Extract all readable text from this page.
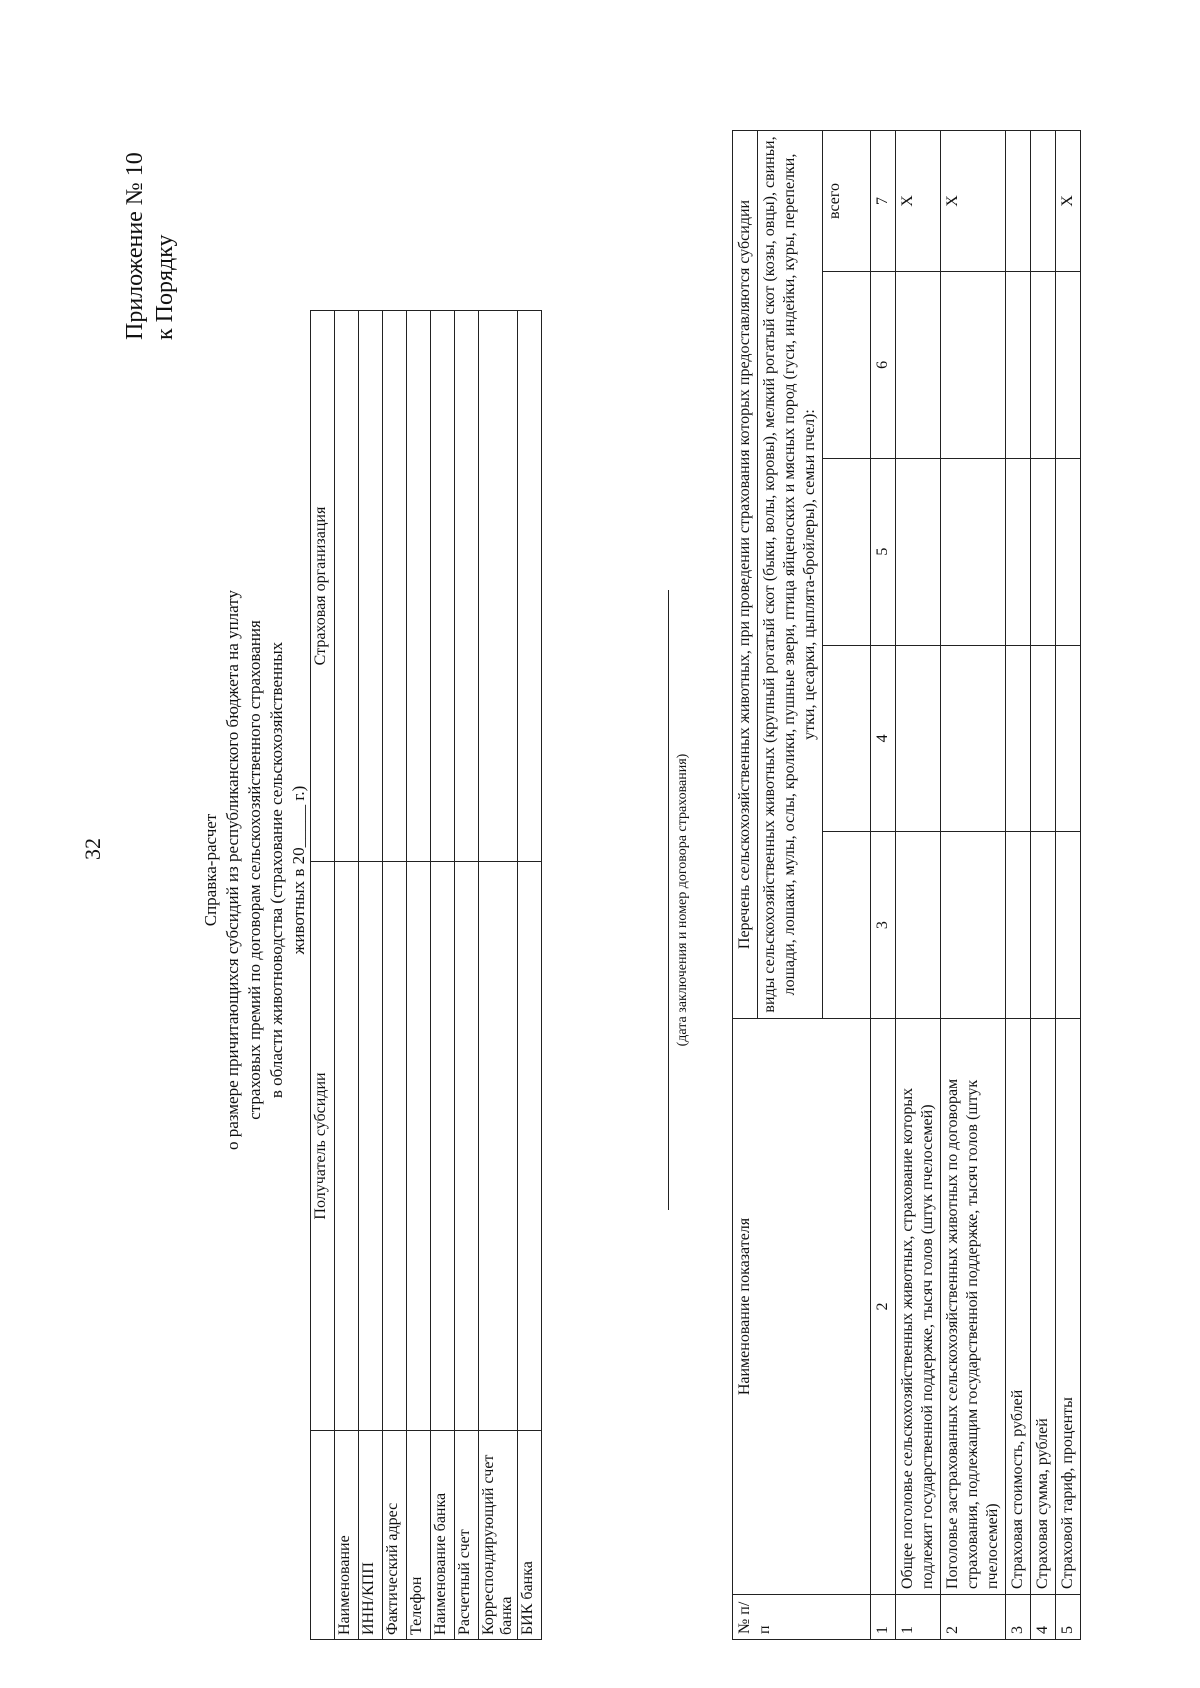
32
Приложение № 10 к Порядку
Справка-расчет о размере причитающихся субсидий из республиканского бюджета на уплату страховых премий по договорам сельскохозяйственного страхования в области животноводства (страхование сельскохозяйственных животных в 20_____ г.)
	Получатель субсидии	Страховая организация
Наименование		
ИНН/КПП		
Фактический адрес		
Телефон		
Наименование банка		
Расчетный счет		
Корреспондирующий счет банка		
БИК банка		
(дата заключения и номер договора страхования)
№ п/п	Наименование показателя	Перечень сельскохозяйственных животных, при проведении страхования которых предоставляются субсидии				
		виды сельскохозяйственных животных (крупный рогатый скот (быки, волы, коровы), мелкий рогатый скот (козы, овцы), свиньи, лошади, лошаки, мулы, ослы, кролики, пушные звери, птица яйценоских и мясных пород (гуси, индейки, куры, перепелки, утки, цесарки, цыплята-бройлеры), семьи пчел):				
						всего
1	2	3	4	5	6	7
1	Общее поголовье сельскохозяйственных животных, страхование которых подлежит государственной поддержке, тысяч голов (штук пчелосемей)					Х
2	Поголовье застрахованных сельскохозяйственных животных по договорам страхования, подлежащим государственной поддержке, тысяч голов (штук пчелосемей)					Х
3	Страховая стоимость, рублей					
4	Страховая сумма, рублей					
5	Страховой тариф, проценты					Х
